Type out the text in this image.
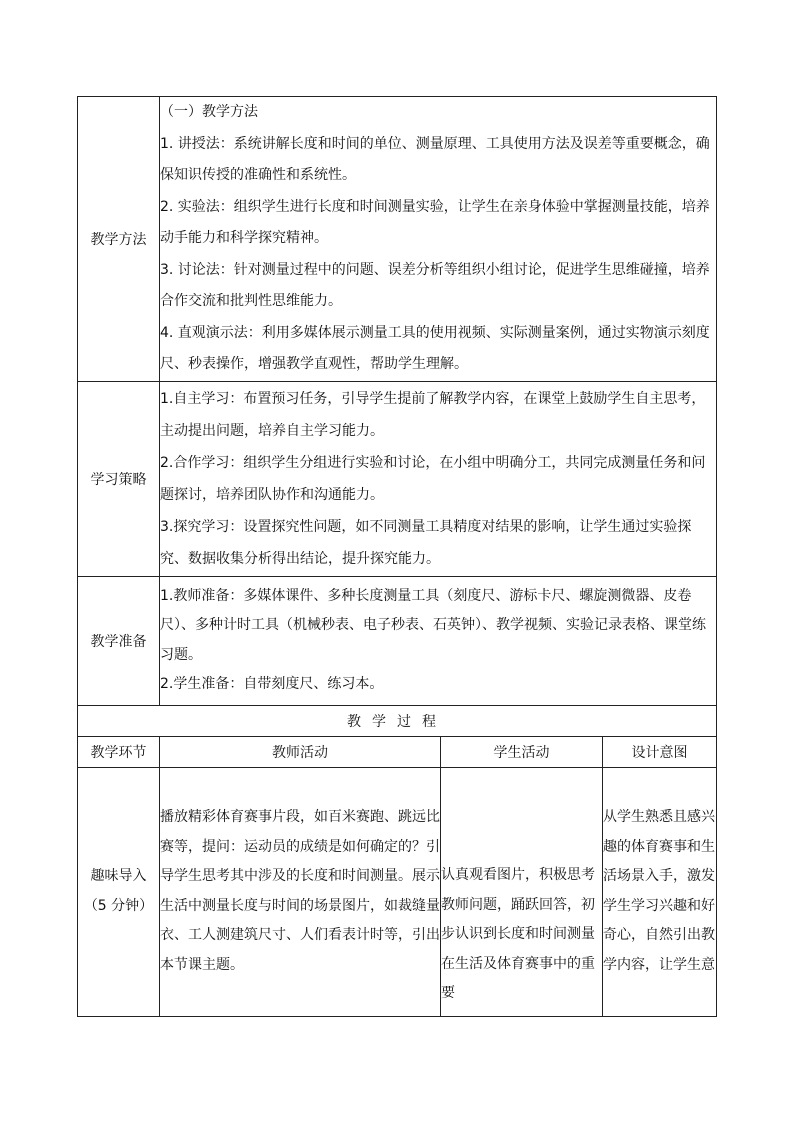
教学方法	（一）教学方法
1. 讲授法：系统讲解长度和时间的单位、测量原理、工具使用方法及误差等重要概念，确保知识传授的准确性和系统性。
2. 实验法：组织学生进行长度和时间测量实验，让学生在亲身体验中掌握测量技能，培养动手能力和科学探究精神。
3. 讨论法：针对测量过程中的问题、误差分析等组织小组讨论，促进学生思维碰撞，培养合作交流和批判性思维能力。
4. 直观演示法：利用多媒体展示测量工具的使用视频、实际测量案例，通过实物演示刻度尺、秒表操作，增强教学直观性，帮助学生理解。		

学习策略	1.自主学习：布置预习任务，引导学生提前了解教学内容，在课堂上鼓励学生自主思考，主动提出问题，培养自主学习能力。
2.合作学习：组织学生分组进行实验和讨论，在小组中明确分工，共同完成测量任务和问题探讨，培养团队协作和沟通能力。
3.探究学习：设置探究性问题，如不同测量工具精度对结果的影响，让学生通过实验探究、数据收集分析得出结论，提升探究能力。		

教学准备	1.教师准备：多媒体课件、多种长度测量工具（刻度尺、游标卡尺、螺旋测微器、皮卷尺）、多种计时工具（机械秒表、电子秒表、石英钟）、教学视频、实验记录表格、课堂练习题。
2.学生准备：自带刻度尺、练习本。		

教学过程			
教学环节	教师活动	学生活动	设计意图
趣味导入（5 分钟）	播放精彩体育赛事片段，如百米赛跑、跳远比赛等，提问：运动员的成绩是如何确定的？引导学生思考其中涉及的长度和时间测量。展示生活中测量长度与时间的场景图片，如裁缝量衣、工人测建筑尺寸、人们看表计时等，引出本节课主题。	认真观看图片，积极思考教师问题，踊跃回答，初步认识到长度和时间测量在生活及体育赛事中的重要	从学生熟悉且感兴趣的体育赛事和生活场景入手，激发学生学习兴趣和好奇心，自然引出教学内容，让学生意
